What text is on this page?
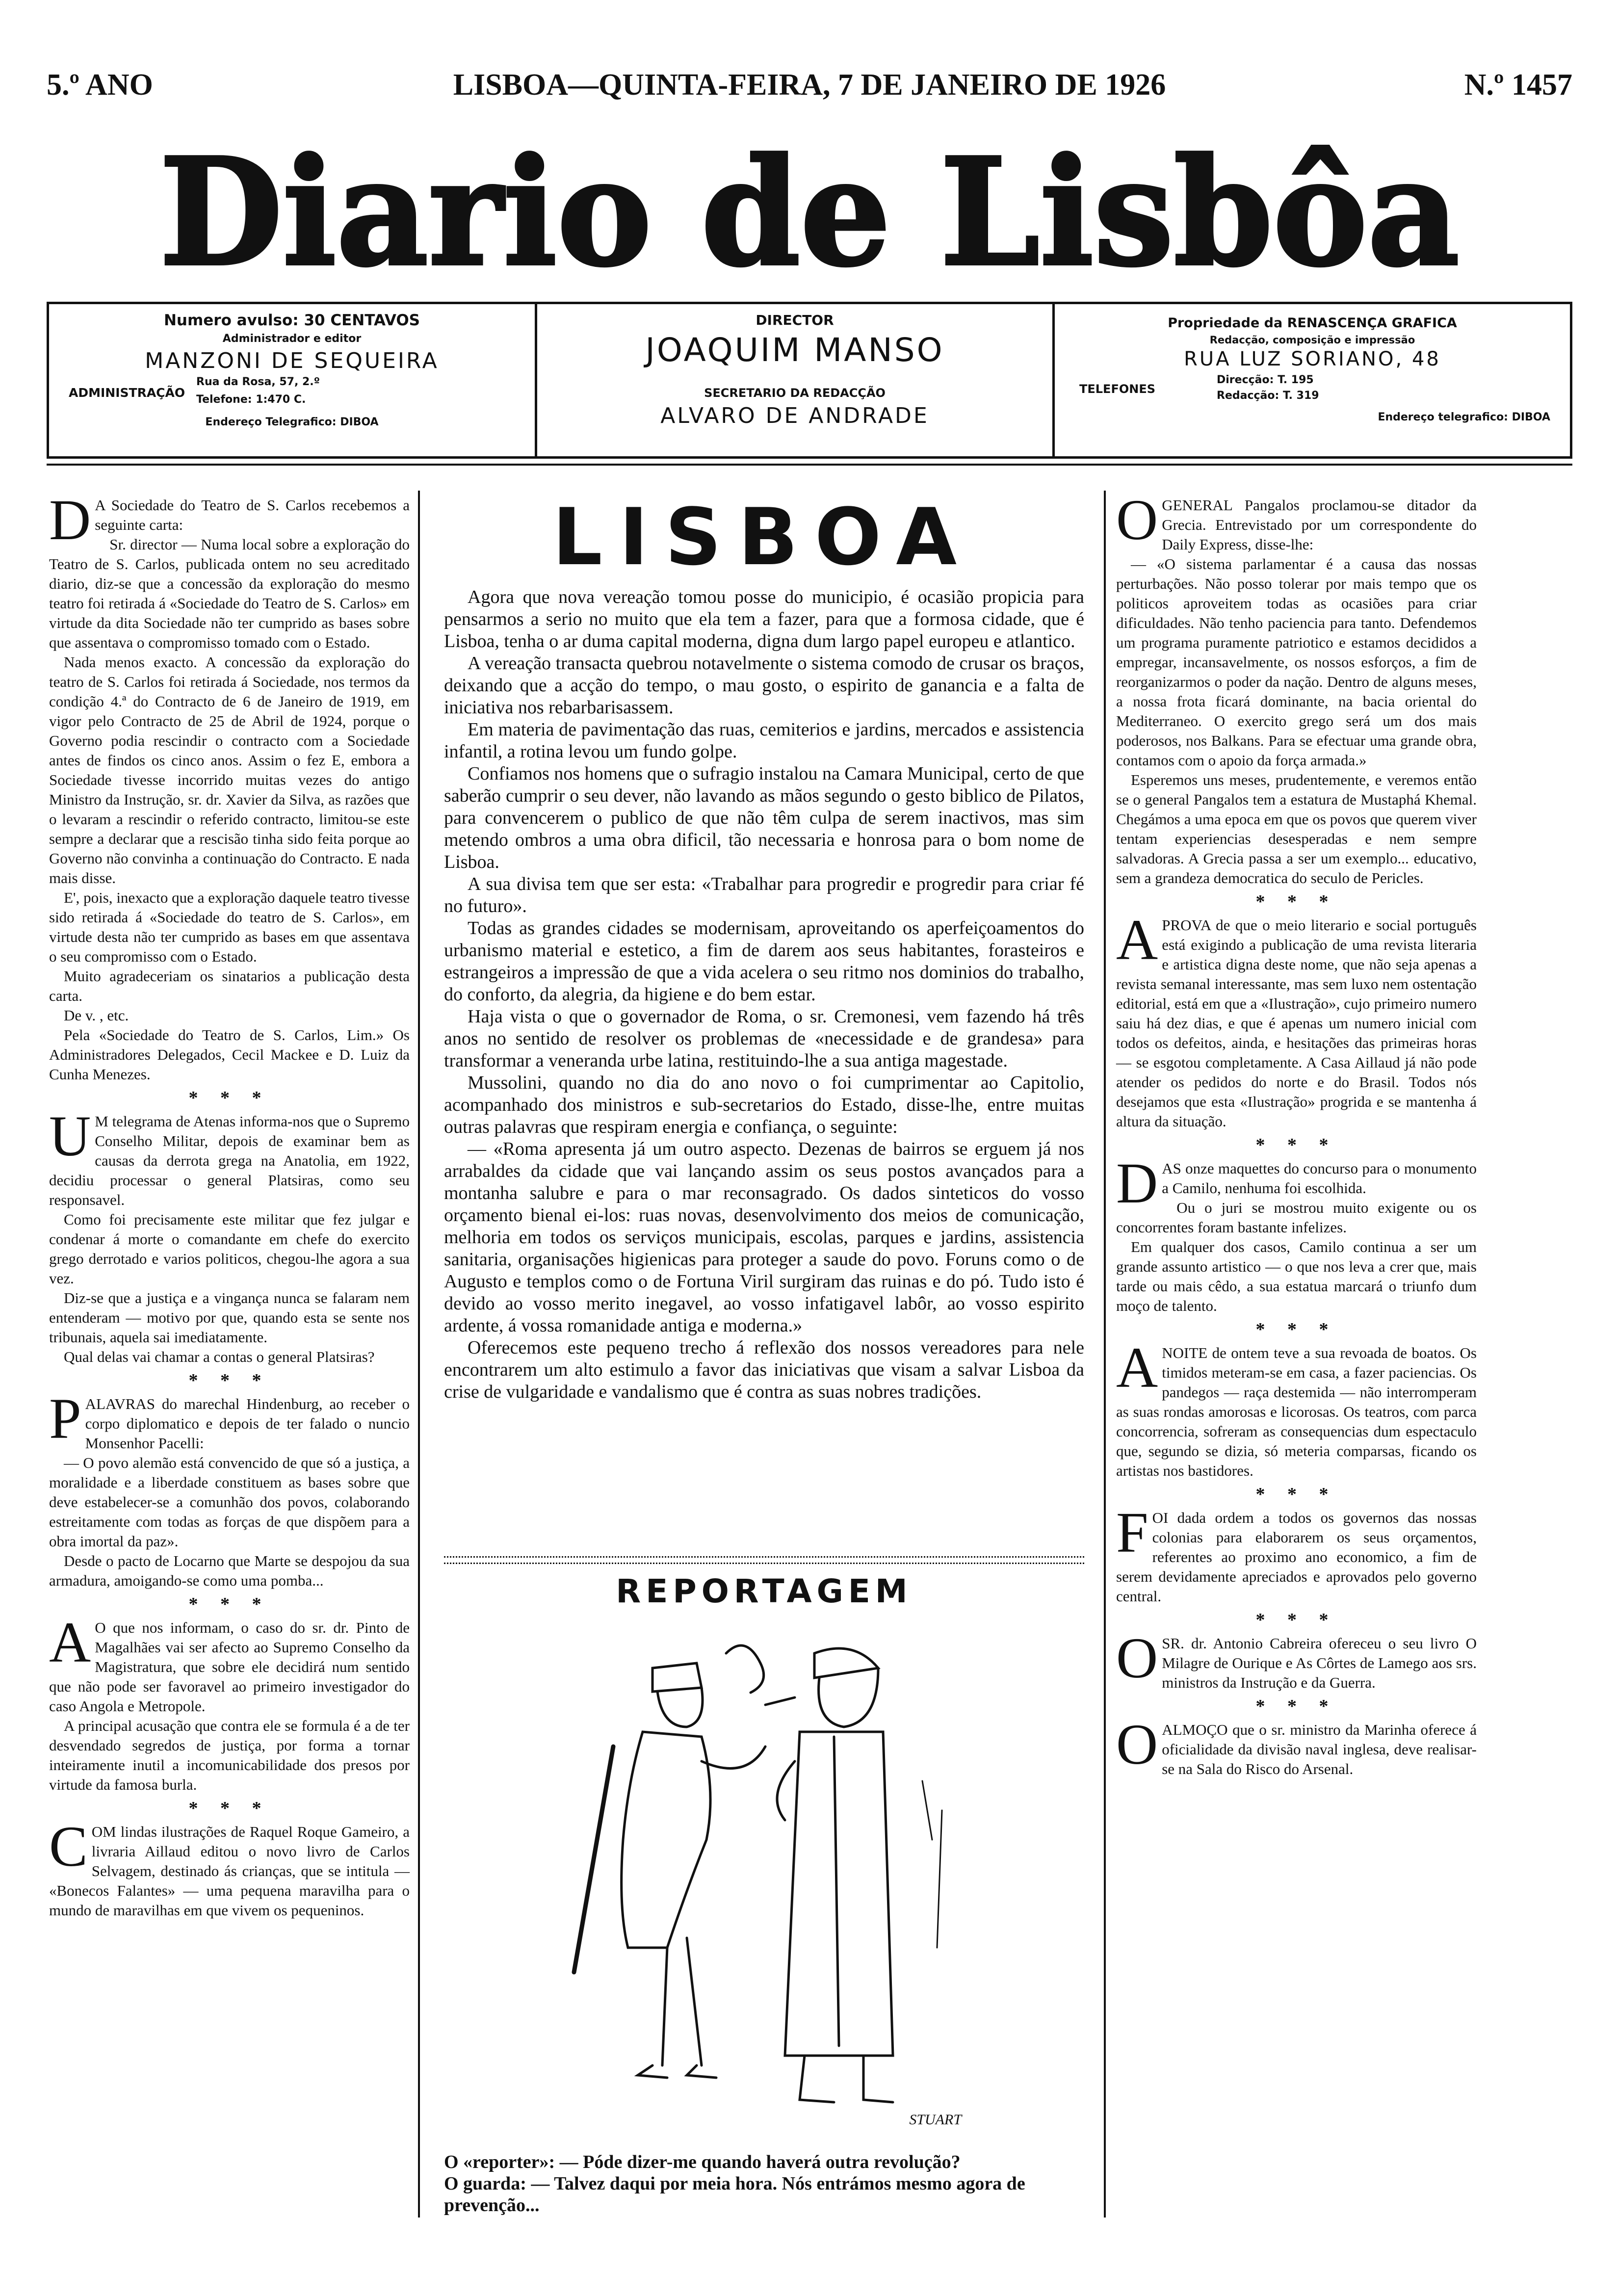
5.º ANO	LISBOA—QUINTA-FEIRA, 7 DE JANEIRO DE 1926	N.º 1457
Diario de Lisbôa
Numero avulso: 30 CENTAVOS
Administrador e editor
MANZONI DE SEQUEIRA
ADMINISTRAÇÃO
Rua da Rosa, 57, 2.º
Telefone: 1:470 C.
Endereço Telegrafico: DIBOA
DIRECTOR
JOAQUIM MANSO
SECRETARIO DA REDACÇÃO
ALVARO DE ANDRADE
Propriedade da RENASCENÇA GRAFICA
Redacção, composição e impressão
RUA LUZ SORIANO, 48
TELEFONES
Direcção: T. 195
Redacção: T. 319
Endereço telegrafico: DIBOA

D A Sociedade do Teatro de S. Carlos recebemos a seguinte carta:

Sr. director — Numa local sobre a exploração do Teatro de S. Carlos, publicada ontem no seu acreditado diario, diz-se que a concessão da exploração do mesmo teatro foi retirada á «Sociedade do Teatro de S. Carlos» em virtude da dita Sociedade não ter cumprido as bases sobre que assentava o compromisso tomado com o Estado.

Nada menos exacto. A concessão da exploração do teatro de S. Carlos foi retirada á Sociedade, nos termos da condição 4.ª do Contracto de 6 de Janeiro de 1919, em vigor pelo Contracto de 25 de Abril de 1924, porque o Governo podia rescindir o contracto com a Sociedade antes de findos os cinco anos. Assim o fez E, embora a Sociedade tivesse incorrido muitas vezes do antigo Ministro da Instrução, sr. dr. Xavier da Silva, as razões que o levaram a rescindir o referido contracto, limitou-se este sempre a declarar que a rescisão tinha sido feita porque ao Governo não convinha a continuação do Contracto. E nada mais disse.

E', pois, inexacto que a exploração daquele teatro tivesse sido retirada á «Sociedade do teatro de S. Carlos», em virtude desta não ter cumprido as bases em que assentava o seu compromisso com o Estado.

Muito agradeceriam os sinatarios a publicação desta carta.

De v. , etc.

Pela «Sociedade do Teatro de S. Carlos, Lim.» Os Administradores Delegados, Cecil Mackee e D. Luiz da Cunha Menezes.

* * *

U M telegrama de Atenas informa-nos que o Supremo Conselho Militar, depois de examinar bem as causas da derrota grega na Anatolia, em 1922, decidiu processar o general Platsiras, como seu responsavel.

Como foi precisamente este militar que fez julgar e condenar á morte o comandante em chefe do exercito grego derrotado e varios politicos, chegou-lhe agora a sua vez.

Diz-se que a justiça e a vingança nunca se falaram nem entenderam — motivo por que, quando esta se sente nos tribunais, aquela sai imediatamente.

Qual delas vai chamar a contas o general Platsiras?

* * *

PALAVRAS do marechal Hindenburg, ao receber o corpo diplomatico e depois de ter falado o nuncio Monsenhor Pacelli:

— O povo alemão está convencido de que só a justiça, a moralidade e a liberdade constituem as bases sobre que deve estabelecer-se a comunhão dos povos, colaborando estreitamente com todas as forças de que dispõem para a obra imortal da paz».

Desde o pacto de Locarno que Marte se despojou da sua armadura, amoigando-se como uma pomba...

* * *

A O que nos informam, o caso do sr. dr. Pinto de Magalhães vai ser afecto ao Supremo Conselho da Magistratura, que sobre ele decidirá num sentido que não pode ser favoravel ao primeiro investigador do caso Angola e Metropole.

A principal acusação que contra ele se formula é a de ter desvendado segredos de justiça, por forma a tornar inteiramente inutil a incomunicabilidade dos presos por virtude da famosa burla.

* * *

COM lindas ilustrações de Raquel Roque Gameiro, a livraria Aillaud editou o novo livro de Carlos Selvagem, destinado ás crianças, que se intitula — «Bonecos Falantes» — uma pequena maravilha para o mundo de maravilhas em que vivem os pequeninos.

LISBOA

Agora que nova vereação tomou posse do municipio, é ocasião propicia para pensarmos a serio no muito que ela tem a fazer, para que a formosa cidade, que é Lisboa, tenha o ar duma capital moderna, digna dum largo papel europeu e atlantico.

A vereação transacta quebrou notavelmente o sistema comodo de crusar os braços, deixando que a acção do tempo, o mau gosto, o espirito de ganancia e a falta de iniciativa nos rebarbarisassem.

Em materia de pavimentação das ruas, cemiterios e jardins, mercados e assistencia infantil, a rotina levou um fundo golpe.

Confiamos nos homens que o sufragio instalou na Camara Municipal, certo de que saberão cumprir o seu dever, não lavando as mãos segundo o gesto biblico de Pilatos, para convencerem o publico de que não têm culpa de serem inactivos, mas sim metendo ombros a uma obra dificil, tão necessaria e honrosa para o bom nome de Lisboa.

A sua divisa tem que ser esta: «Trabalhar para progredir e progredir para criar fé no futuro».

Todas as grandes cidades se modernisam, aproveitando os aperfeiçoamentos do urbanismo material e estetico, a fim de darem aos seus habitantes, forasteiros e estrangeiros a impressão de que a vida acelera o seu ritmo nos dominios do trabalho, do conforto, da alegria, da higiene e do bem estar.

Haja vista o que o governador de Roma, o sr. Cremonesi, vem fazendo há três anos no sentido de resolver os problemas de «necessidade e de grandesa» para transformar a veneranda urbe latina, restituindo-lhe a sua antiga magestade.

Mussolini, quando no dia do ano novo o foi cumprimentar ao Capitolio, acompanhado dos ministros e sub-secretarios do Estado, disse-lhe, entre muitas outras palavras que respiram energia e confiança, o seguinte:

— «Roma apresenta já um outro aspecto. Dezenas de bairros se erguem já nos arrabaldes da cidade que vai lançando assim os seus postos avançados para a montanha salubre e para o mar reconsagrado. Os dados sinteticos do vosso orçamento bienal ei-los: ruas novas, desenvolvimento dos meios de comunicação, melhoria em todos os serviços municipais, escolas, parques e jardins, assistencia sanitaria, organisações higienicas para proteger a saude do povo. Foruns como o de Augusto e templos como o de Fortuna Viril surgiram das ruinas e do pó. Tudo isto é devido ao vosso merito inegavel, ao vosso infatigavel labôr, ao vosso espirito ardente, á vossa romanidade antiga e moderna.»

Oferecemos este pequeno trecho á reflexão dos nossos vereadores para nele encontrarem um alto estimulo a favor das iniciativas que visam a salvar Lisboa da crise de vulgaridade e vandalismo que é contra as suas nobres tradições.

REPORTAGEM
STUART
O «reporter»: — Póde dizer-me quando haverá outra revolução?
O guarda: — Talvez daqui por meia hora. Nós entrámos mesmo agora de prevenção...

OGENERAL Pangalos proclamou-se ditador da Grecia. Entrevistado por um correspondente do Daily Express, disse-lhe:

— «O sistema parlamentar é a causa das nossas perturbações. Não posso tolerar por mais tempo que os politicos aproveitem todas as ocasiões para criar dificuldades. Não tenho paciencia para tanto. Defendemos um programa puramente patriotico e estamos decididos a empregar, incansavelmente, os nossos esforços, a fim de reorganizarmos o poder da nação. Dentro de alguns meses, a nossa frota ficará dominante, na bacia oriental do Mediterraneo. O exercito grego será um dos mais poderosos, nos Balkans. Para se efectuar uma grande obra, contamos com o apoio da força armada.»

Esperemos uns meses, prudentemente, e veremos então se o general Pangalos tem a estatura de Mustaphá Khemal. Chegámos a uma epoca em que os povos que querem viver tentam experiencias desesperadas e nem sempre salvadoras. A Grecia passa a ser um exemplo... educativo, sem a grandeza democratica do seculo de Pericles.

* * *

APROVA de que o meio literario e social português está exigindo a publicação de uma revista literaria e artistica digna deste nome, que não seja apenas a revista semanal interessante, mas sem luxo nem ostentação editorial, está em que a «Ilustração», cujo primeiro numero saiu há dez dias, e que é apenas um numero inicial com todos os defeitos, ainda, e hesitações das primeiras horas — se esgotou completamente. A Casa Aillaud já não pode atender os pedidos do norte e do Brasil. Todos nós desejamos que esta «Ilustração» progrida e se mantenha á altura da situação.

* * *

DAS onze maquettes do concurso para o monumento a Camilo, nenhuma foi escolhida.

Ou o juri se mostrou muito exigente ou os concorrentes foram bastante infelizes.

Em qualquer dos casos, Camilo continua a ser um grande assunto artistico — o que nos leva a crer que, mais tarde ou mais cêdo, a sua estatua marcará o triunfo dum moço de talento.

* * *

ANOITE de ontem teve a sua revoada de boatos. Os timidos meteram-se em casa, a fazer paciencias. Os pandegos — raça destemida — não interromperam as suas rondas amorosas e licorosas. Os teatros, com parca concorrencia, sofreram as consequencias dum espectaculo que, segundo se dizia, só meteria comparsas, ficando os artistas nos bastidores.

* * *

FOI dada ordem a todos os governos das nossas colonias para elaborarem os seus orçamentos, referentes ao proximo ano economico, a fim de serem devidamente apreciados e aprovados pelo governo central.

* * *

OSR. dr. Antonio Cabreira ofereceu o seu livro O Milagre de Ourique e As Côrtes de Lamego aos srs. ministros da Instrução e da Guerra.

* * *

OALMOÇO que o sr. ministro da Marinha oferece á oficialidade da divisão naval inglesa, deve realisar-se na Sala do Risco do Arsenal.
